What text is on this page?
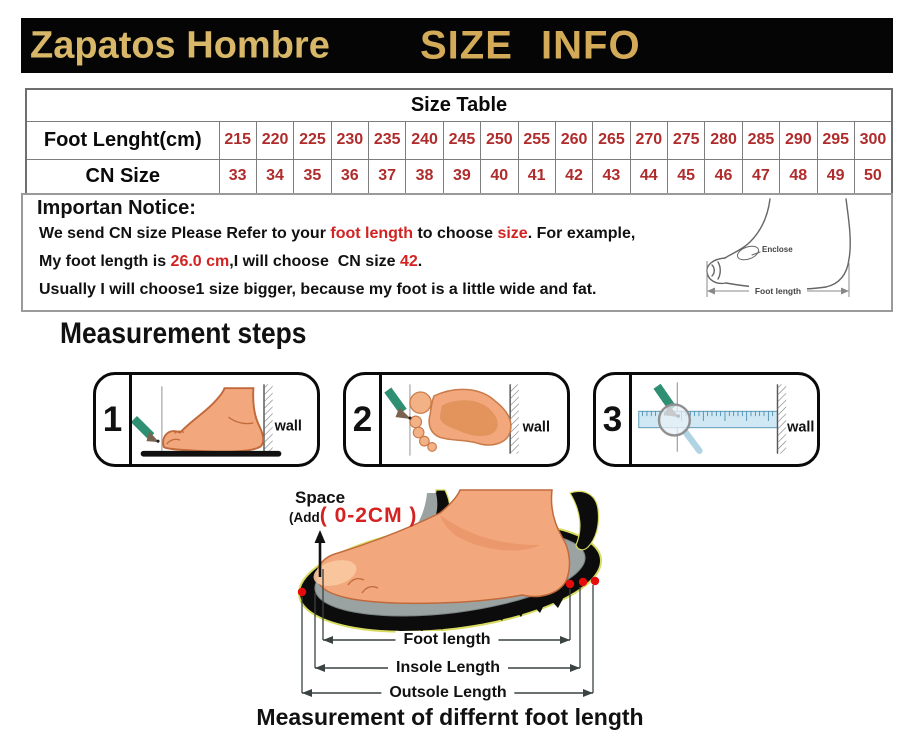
Zapatos Hombre SIZE INFO
Size Table																		
Foot Lenght(cm)	215	220	225	230	235	240	245	250	255	260	265	270	275	280	285	290	295	300
CN Size	33	34	35	36	37	38	39	40	41	42	43	44	45	46	47	48	49	50
Importan Notice:
We send CN size Please Refer to your foot length to choose size. For example,
My foot length is 26.0 cm,I will choose  CN size 42.
Usually I will choose1 size bigger, because my foot is a little wide and fat.
Enclose
Foot length
Measurement steps
1	wall 2	wall 3	wall
Space
(Add ( 0-2CM )
Foot length
Insole Length
Outsole Length
Measurement of differnt foot length
